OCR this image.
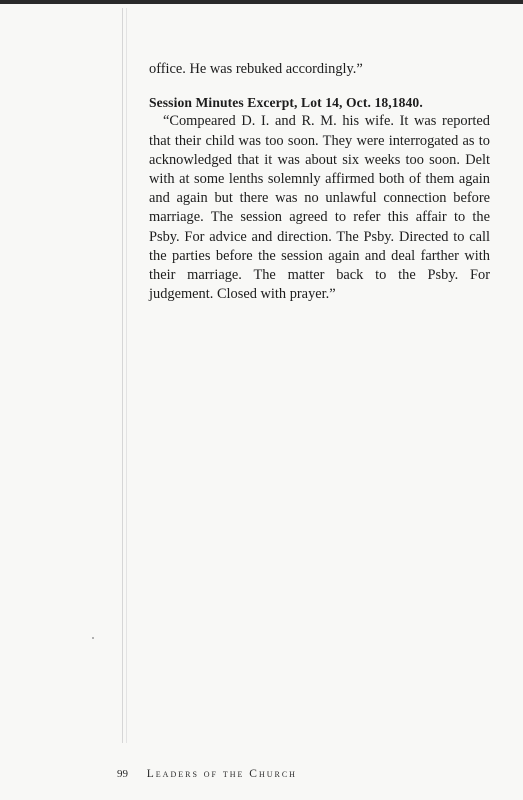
office. He was rebuked accordingly.”

Session Minutes Excerpt, Lot 14, Oct. 18,1840.

“Compeared D. I. and R. M. his wife. It was reported that their child was too soon. They were interrogated as to acknowledged that it was about six weeks too soon. Delt with at some lenths solemnly affirmed both of them again and again but there was no unlawful connection before marriage. The session agreed to refer this affair to the Psby. For advice and direction. The Psby. Directed to call the parties before the session again and deal farther with their marriage. The matter back to the Psby. For judgement. Closed with prayer.”

99 Leaders of the Church
